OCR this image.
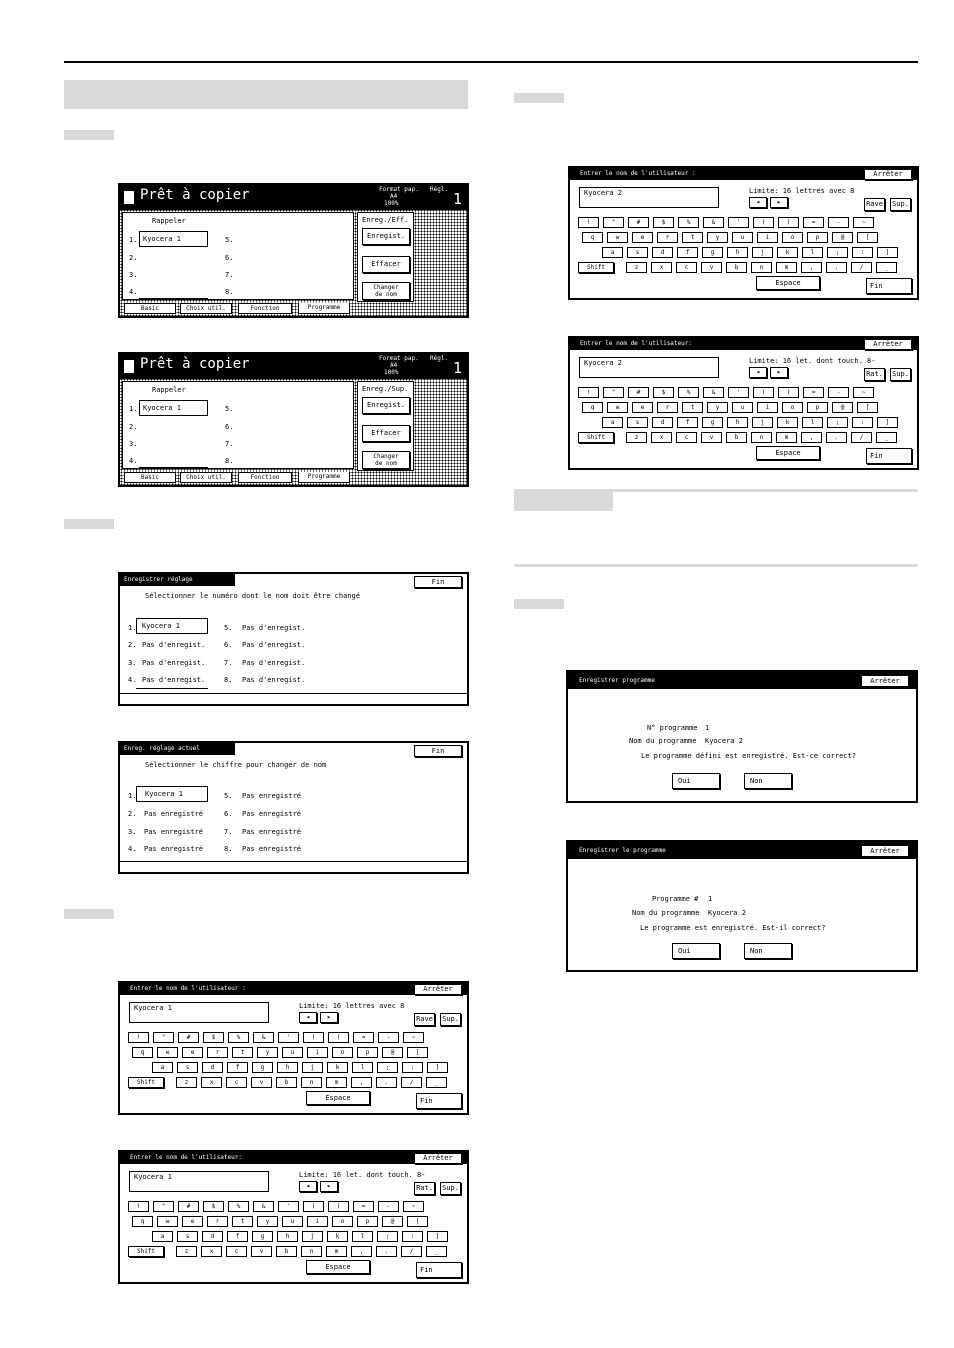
Prêt à copier	Format pap.
A4
100%
Régl.
1
Rappeler
1. Kyocera 1
2.
3.
4.
5.
6.
7.
8.
Enreg./Eff.
Enregist.
Effacer
Changer
de nom
Basic	Choix util.	Fonction	Programme
Prêt à copier	Format pap.
A4
100%
Régl.
1
Rappeler
1. Kyocera 1
2.
3.
4.
5.
6.
7.
8.
Enreg./Sup.
Enregist.
Effacer
Changer
de nom
Basic	Choix util.	Fonction	Programme
Enregistrer réglage	Fin
Sélectionner le numéro dont le nom doit être changé
1. Kyocera 1
2. Pas d'enregist.
3. Pas d'enregist.
4. Pas d'enregist.
5. Pas d'enregist.
6. Pas d'enregist.
7. Pas d'enregist.
8. Pas d'enregist.
Enreg. réglage actuel	Fin
Sélectionner le chiffre pour changer de nom
1.	Kyocera 1
2. Pas enregistré
3. Pas enregistré
4. Pas enregistré
5. Pas enregistré
6. Pas enregistré
7. Pas enregistré
8. Pas enregistré
Entrer le nom de l'utilisateur :	Arrêter
Kyocera 1	Limite: 16 lettres avec 8
◂	▸	Rave Sup.
!	"	#	$	%	&	'	(	)	=	-	~
q	w	e	r	t	y	u	i	o	p	@	[
a	s	d	f	g	h	j	k	l	;	:	]
z	x	c	v	b	n	m	,	.	/	_
Shift
Espace	Fin
Entrer le nom de l'utilisateur:	Arrêter
Kyocera 1	Limite: 16 let. dont touch. 8-
◂	▸	Rat. Sup.
!	"	#	$	%	&	'	(	)	=	-	~
q	w	e	r	t	y	u	i	o	p	@	[
a	s	d	f	g	h	j	k	l	;	:	]
z	x	c	v	b	n	m	,	.	/	_
Shift
Espace	Fin
Entrer le nom de l'utilisateur :	Arrêter
Kyocera 2	Limite: 16 lettres avec 8
◂	▸	Rave Sup.
!	"	#	$	%	&	'	(	)	=	-	~
q	w	e	r	t	y	u	i	o	p	@	[
a	s	d	f	g	h	j	k	l	;	:	]
z	x	c	v	b	n	m	,	.	/	_
Shift
Espace	Fin
Entrer le nom de l'utilisateur:	Arrêter
Kyocera 2	Limite: 16 let. dont touch. 8-
◂	▸	Rat. Sup.
!	"	#	$	%	&	'	(	)	=	-	~
q	w	e	r	t	y	u	i	o	p	@	[
a	s	d	f	g	h	j	k	l	;	:	]
z	x	c	v	b	n	m	,	.	/	_
Shift
Espace	Fin
Enregistrer programme	Arrêter
N° programme 1
Nom du programme Kyocera 2
Le programme défini est enregistré. Est-ce correct?
Oui	Non
Enregistrer le programme	Arrêter
Programme # 1
Nom du programme Kyocera 2
Le programme est enregistré. Est-il correct?
Oui	Non
